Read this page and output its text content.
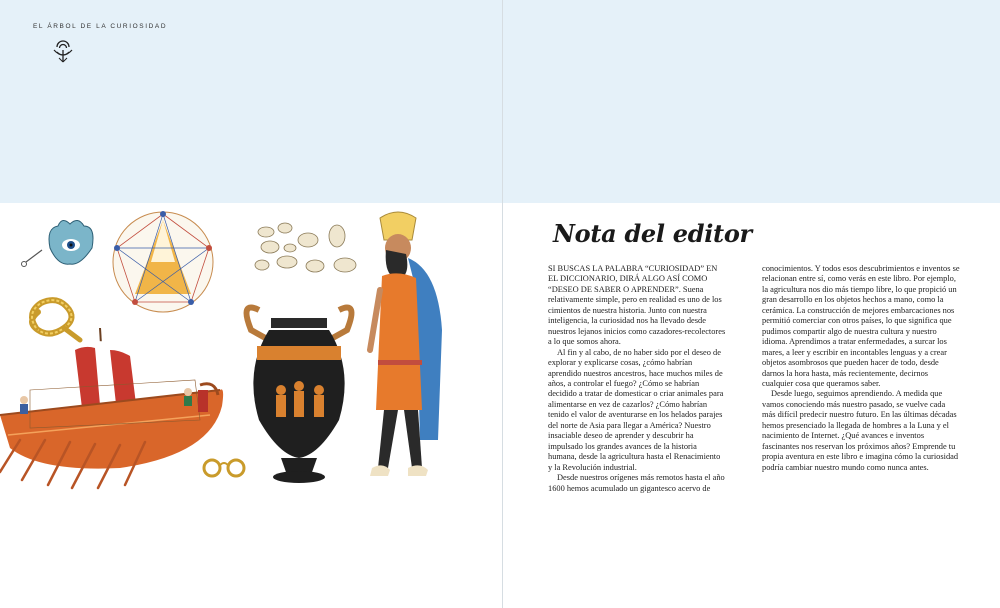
EL ÁRBOL DE LA CURIOSIDAD
Nota del editor

SI BUSCAS LA PALABRA “CURIOSIDAD” EN EL DICCIONARIO, DIRÁ ALGO ASÍ COMO “DESEO DE SABER O APRENDER”. Suena relativamente simple, pero en realidad es uno de los cimientos de nuestra historia. Junto con nuestra inteligencia, la curiosidad nos ha llevado desde nuestros lejanos inicios como cazadores-recolectores a lo que somos ahora.

Al fin y al cabo, de no haber sido por el deseo de explorar y explicarse cosas, ¿cómo habrían aprendido nuestros ancestros, hace muchos miles de años, a controlar el fuego? ¿Cómo se habrían decidido a tratar de domesticar o criar animales para alimentarse en vez de cazarlos? ¿Cómo habrían tenido el valor de aventurarse en los helados parajes del norte de Asia para llegar a América? Nuestro insaciable deseo de aprender y descubrir ha impulsado los grandes avances de la historia humana, desde la agricultura hasta el Renacimiento y la Revolución industrial.

Desde nuestros orígenes más remotos hasta el año 1600 hemos acumulado un gigantesco acervo de

conocimientos. Y todos esos descubrimientos e inventos se relacionan entre sí, como verás en este libro. Por ejemplo, la agricultura nos dio más tiempo libre, lo que propició un gran desarrollo en los objetos hechos a mano, como la cerámica. La construcción de mejores embarcaciones nos permitió comerciar con otros países, lo que significa que pudimos compartir algo de nuestra cultura y nuestro idioma. Aprendimos a tratar enfermedades, a surcar los mares, a leer y escribir en incontables lenguas y a crear objetos asombrosos que pueden hacer de todo, desde darnos la hora hasta, más recientemente, decirnos cualquier cosa que queramos saber.

Desde luego, seguimos aprendiendo. A medida que vamos conociendo más nuestro pasado, se vuelve cada más difícil predecir nuestro futuro. En las últimas décadas hemos presenciado la llegada de hombres a la Luna y el nacimiento de Internet. ¿Qué avances e inventos fascinantes nos reservan los próximos años? Emprende tu propia aventura en este libro e imagina cómo la curiosidad podría cambiar nuestro mundo como nunca antes.
